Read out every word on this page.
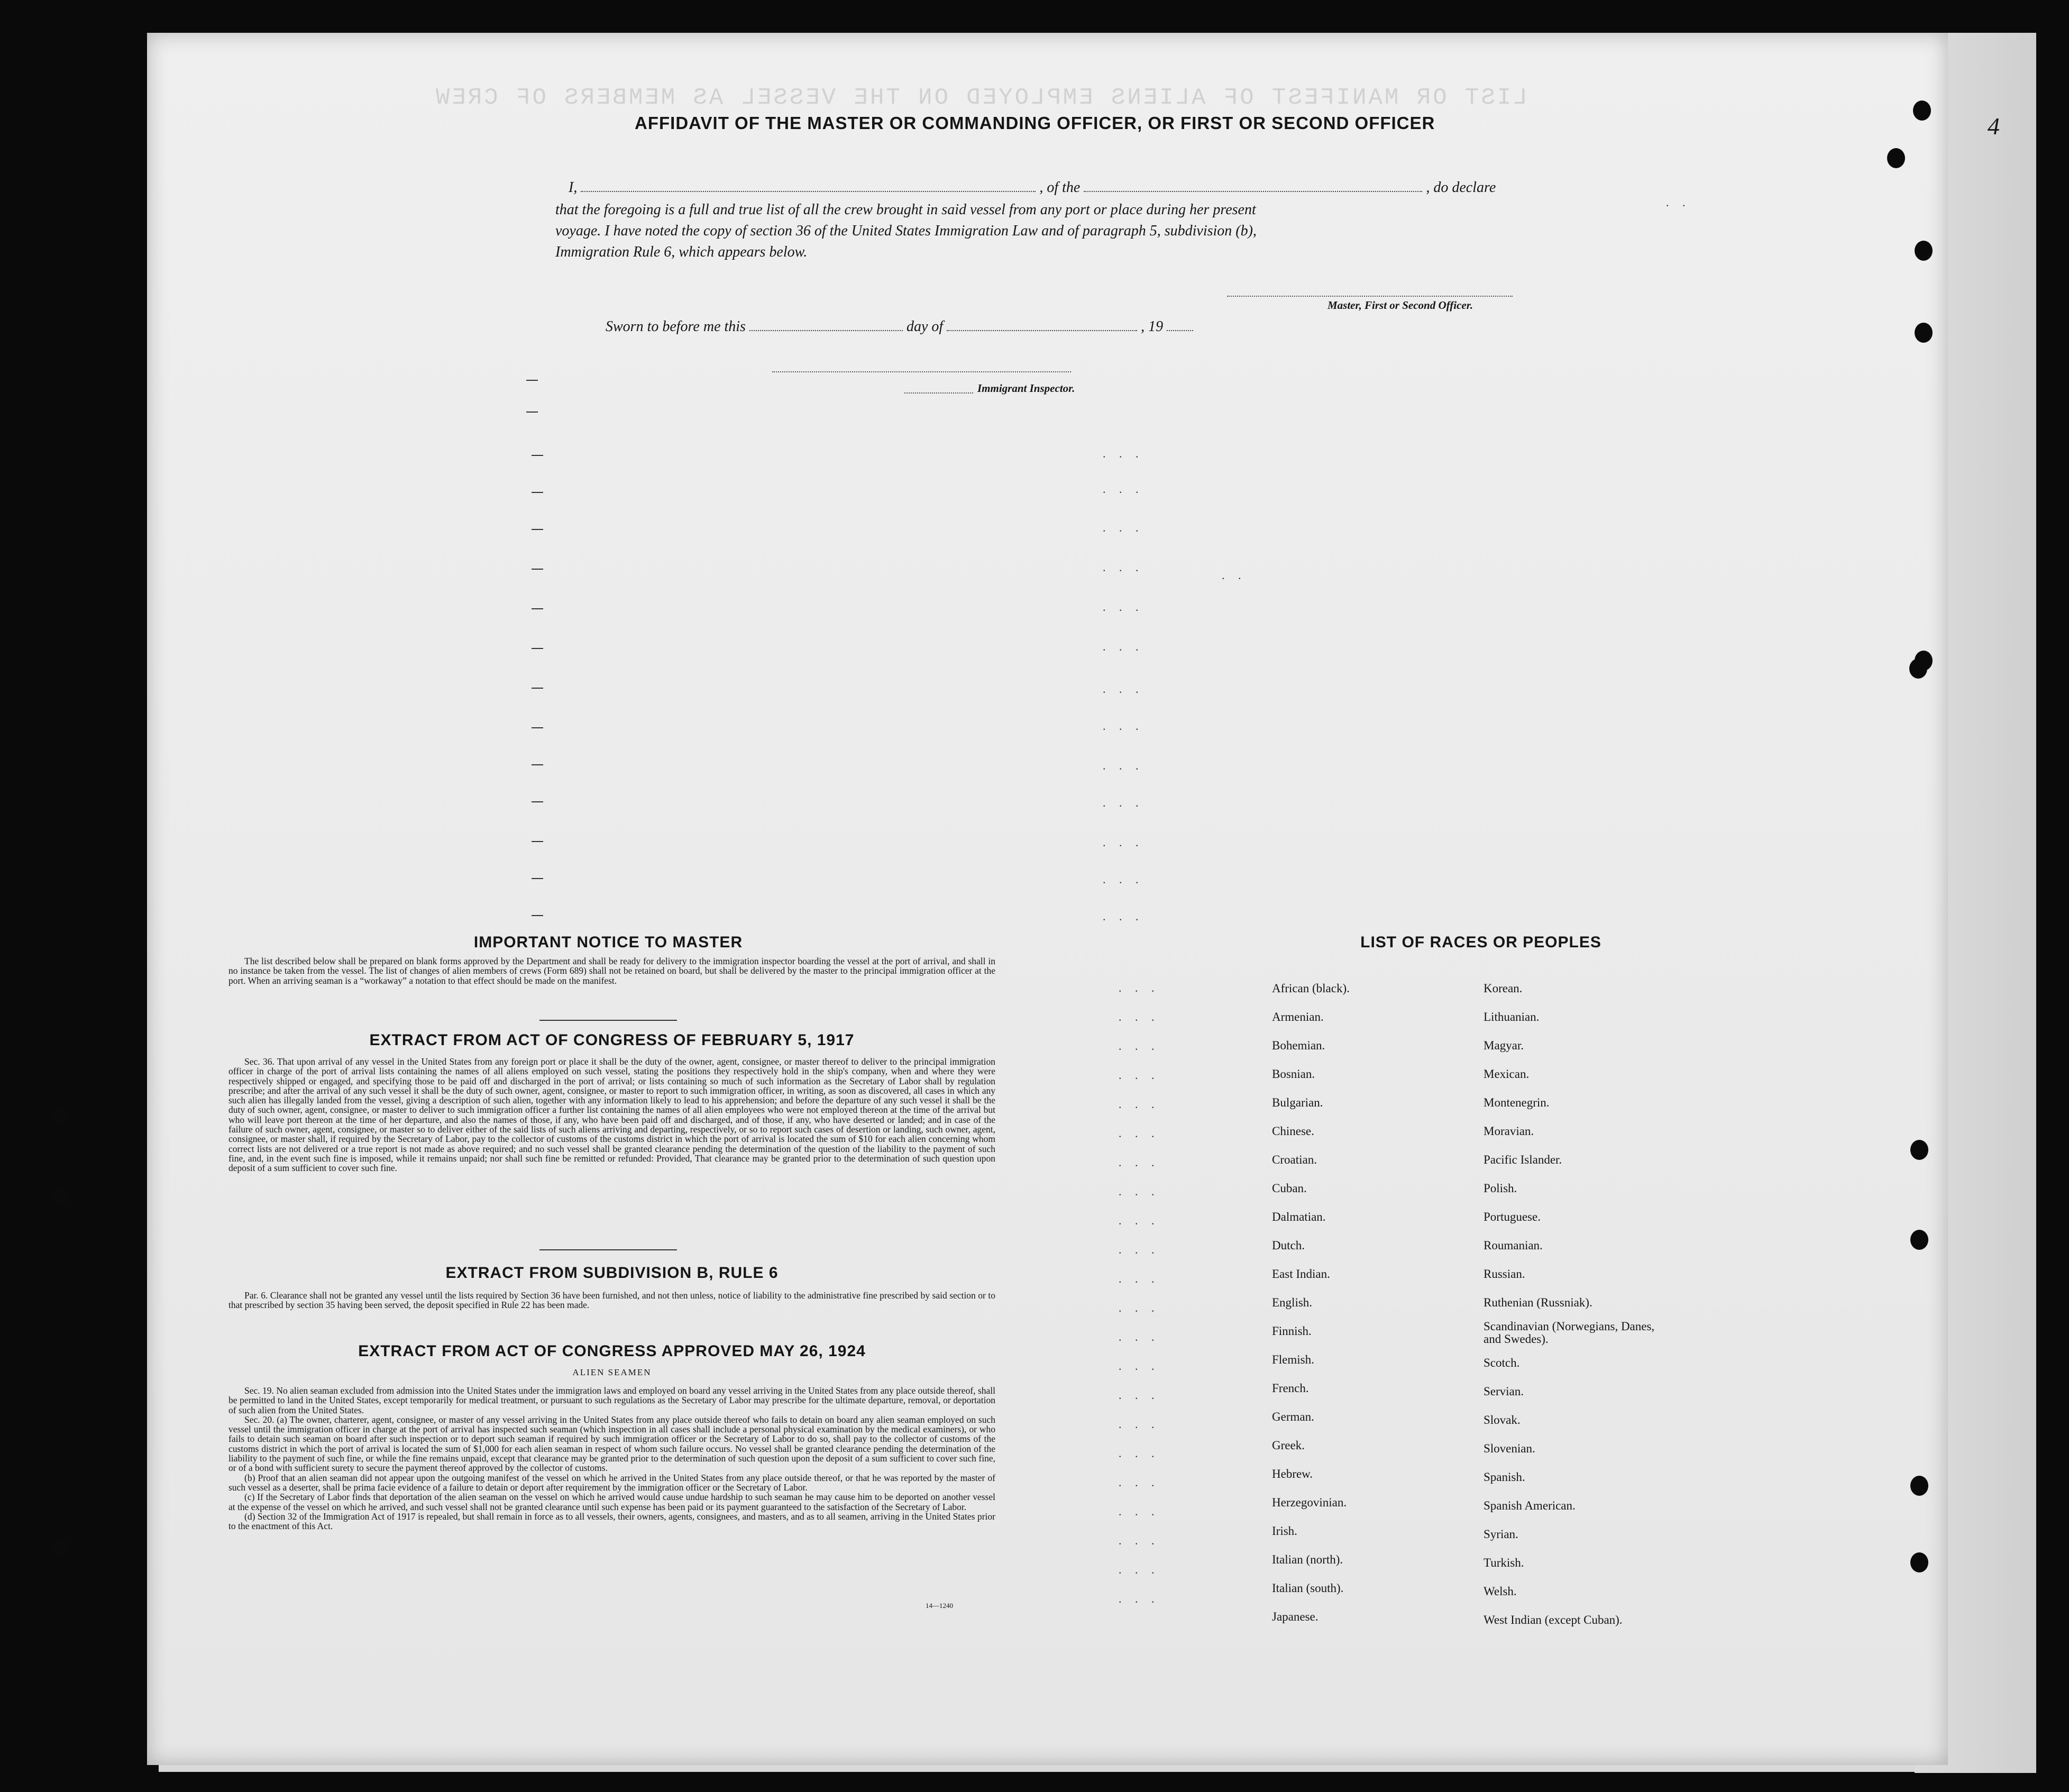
LIST OR MANIFEST OF ALIENS EMPLOYED ON THE VESSEL AS MEMBERS OF CREW
4
AFFIDAVIT OF THE MASTER OR COMMANDING OFFICER, OR FIRST OR SECOND OFFICER
I,	, of the	, do declare
that the foregoing is a full and true list of all the crew brought in said vessel from any port or place during her present
voyage. I have noted the copy of section 36 of the United States Immigration Law and of paragraph 5, subdivision (b),
Immigration Rule 6, which appears below.
Master, First or Second Officer.
Sworn to before me this	day of	, 19
Immigrant Inspector.
. . .
. . .
. . .
. . .
. . .
. . .
. . .
. . .
. . .
. . .
. . .
. . .
. . .
. . .
. . .
. . .
. . .
. . .
. . .
. . .
. . .
. . .
. . .
. . .
. . .
. . .
. . .
. . .
. . .
. . .
. . .
. . .
. . .
. . .
. . .
. .
. .
IMPORTANT NOTICE TO MASTER

The list described below shall be prepared on blank forms approved by the Department and shall be ready for delivery to the immigration inspector boarding the vessel at the port of arrival, and shall in no instance be taken from the vessel. The list of changes of alien members of crews (Form 689) shall not be retained on board, but shall be delivered by the master to the principal immigration officer at the port. When an arriving seaman is a “workaway” a notation to that effect should be made on the manifest.

EXTRACT FROM ACT OF CONGRESS OF FEBRUARY 5, 1917

Sec. 36. That upon arrival of any vessel in the United States from any foreign port or place it shall be the duty of the owner, agent, consignee, or master thereof to deliver to the principal immigration officer in charge of the port of arrival lists containing the names of all aliens employed on such vessel, stating the positions they respectively hold in the ship's company, when and where they were respectively shipped or engaged, and specifying those to be paid off and discharged in the port of arrival; or lists containing so much of such information as the Secretary of Labor shall by regulation prescribe; and after the arrival of any such vessel it shall be the duty of such owner, agent, consignee, or master to report to such immigration officer, in writing, as soon as discovered, all cases in which any such alien has illegally landed from the vessel, giving a description of such alien, together with any information likely to lead to his apprehension; and before the departure of any such vessel it shall be the duty of such owner, agent, consignee, or master to deliver to such immigration officer a further list containing the names of all alien employees who were not employed thereon at the time of the arrival but who will leave port thereon at the time of her departure, and also the names of those, if any, who have been paid off and discharged, and of those, if any, who have deserted or landed; and in case of the failure of such owner, agent, consignee, or master so to deliver either of the said lists of such aliens arriving and departing, respectively, or so to report such cases of desertion or landing, such owner, agent, consignee, or master shall, if required by the Secretary of Labor, pay to the collector of customs of the customs district in which the port of arrival is located the sum of $10 for each alien concerning whom correct lists are not delivered or a true report is not made as above required; and no such vessel shall be granted clearance pending the determination of the question of the liability to the payment of such fine, and, in the event such fine is imposed, while it remains unpaid; nor shall such fine be remitted or refunded: Provided, That clearance may be granted prior to the determination of such question upon deposit of a sum sufficient to cover such fine.

EXTRACT FROM SUBDIVISION B, RULE 6

Par. 6. Clearance shall not be granted any vessel until the lists required by Section 36 have been furnished, and not then unless, notice of liability to the administrative fine prescribed by said section or to that prescribed by section 35 having been served, the deposit specified in Rule 22 has been made.

EXTRACT FROM ACT OF CONGRESS APPROVED MAY 26, 1924
ALIEN SEAMEN

Sec. 19. No alien seaman excluded from admission into the United States under the immigration laws and employed on board any vessel arriving in the United States from any place outside thereof, shall be permitted to land in the United States, except temporarily for medical treatment, or pursuant to such regulations as the Secretary of Labor may prescribe for the ultimate departure, removal, or deportation of such alien from the United States.

Sec. 20. (a) The owner, charterer, agent, consignee, or master of any vessel arriving in the United States from any place outside thereof who fails to detain on board any alien seaman employed on such vessel until the immigration officer in charge at the port of arrival has inspected such seaman (which inspection in all cases shall include a personal physical examination by the medical examiners), or who fails to detain such seaman on board after such inspection or to deport such seaman if required by such immigration officer or the Secretary of Labor to do so, shall pay to the collector of customs of the customs district in which the port of arrival is located the sum of $1,000 for each alien seaman in respect of whom such failure occurs. No vessel shall be granted clearance pending the determination of the liability to the payment of such fine, or while the fine remains unpaid, except that clearance may be granted prior to the determination of such question upon the deposit of a sum sufficient to cover such fine, or of a bond with sufficient surety to secure the payment thereof approved by the collector of customs.

(b) Proof that an alien seaman did not appear upon the outgoing manifest of the vessel on which he arrived in the United States from any place outside thereof, or that he was reported by the master of such vessel as a deserter, shall be prima facie evidence of a failure to detain or deport after requirement by the immigration officer or the Secretary of Labor.

(c) If the Secretary of Labor finds that deportation of the alien seaman on the vessel on which he arrived would cause undue hardship to such seaman he may cause him to be deported on another vessel at the expense of the vessel on which he arrived, and such vessel shall not be granted clearance until such expense has been paid or its payment guaranteed to the satisfaction of the Secretary of Labor.

(d) Section 32 of the Immigration Act of 1917 is repealed, but shall remain in force as to all vessels, their owners, agents, consignees, and masters, and as to all seamen, arriving in the United States prior to the enactment of this Act.

14—1240
LIST OF RACES OR PEOPLES
African (black).
Armenian.
Bohemian.
Bosnian.
Bulgarian.
Chinese.
Croatian.
Cuban.
Dalmatian.
Dutch.
East Indian.
English.
Finnish.
Flemish.
French.
German.
Greek.
Hebrew.
Herzegovinian.
Irish.
Italian (north).
Italian (south).
Japanese.
Korean.
Lithuanian.
Magyar.
Mexican.
Montenegrin.
Moravian.
Pacific Islander.
Polish.
Portuguese.
Roumanian.
Russian.
Ruthenian (Russniak).
Scandinavian (Norwegians, Danes, and Swedes).
Scotch.
Servian.
Slovak.
Slovenian.
Spanish.
Spanish American.
Syrian.
Turkish.
Welsh.
West Indian (except Cuban).
